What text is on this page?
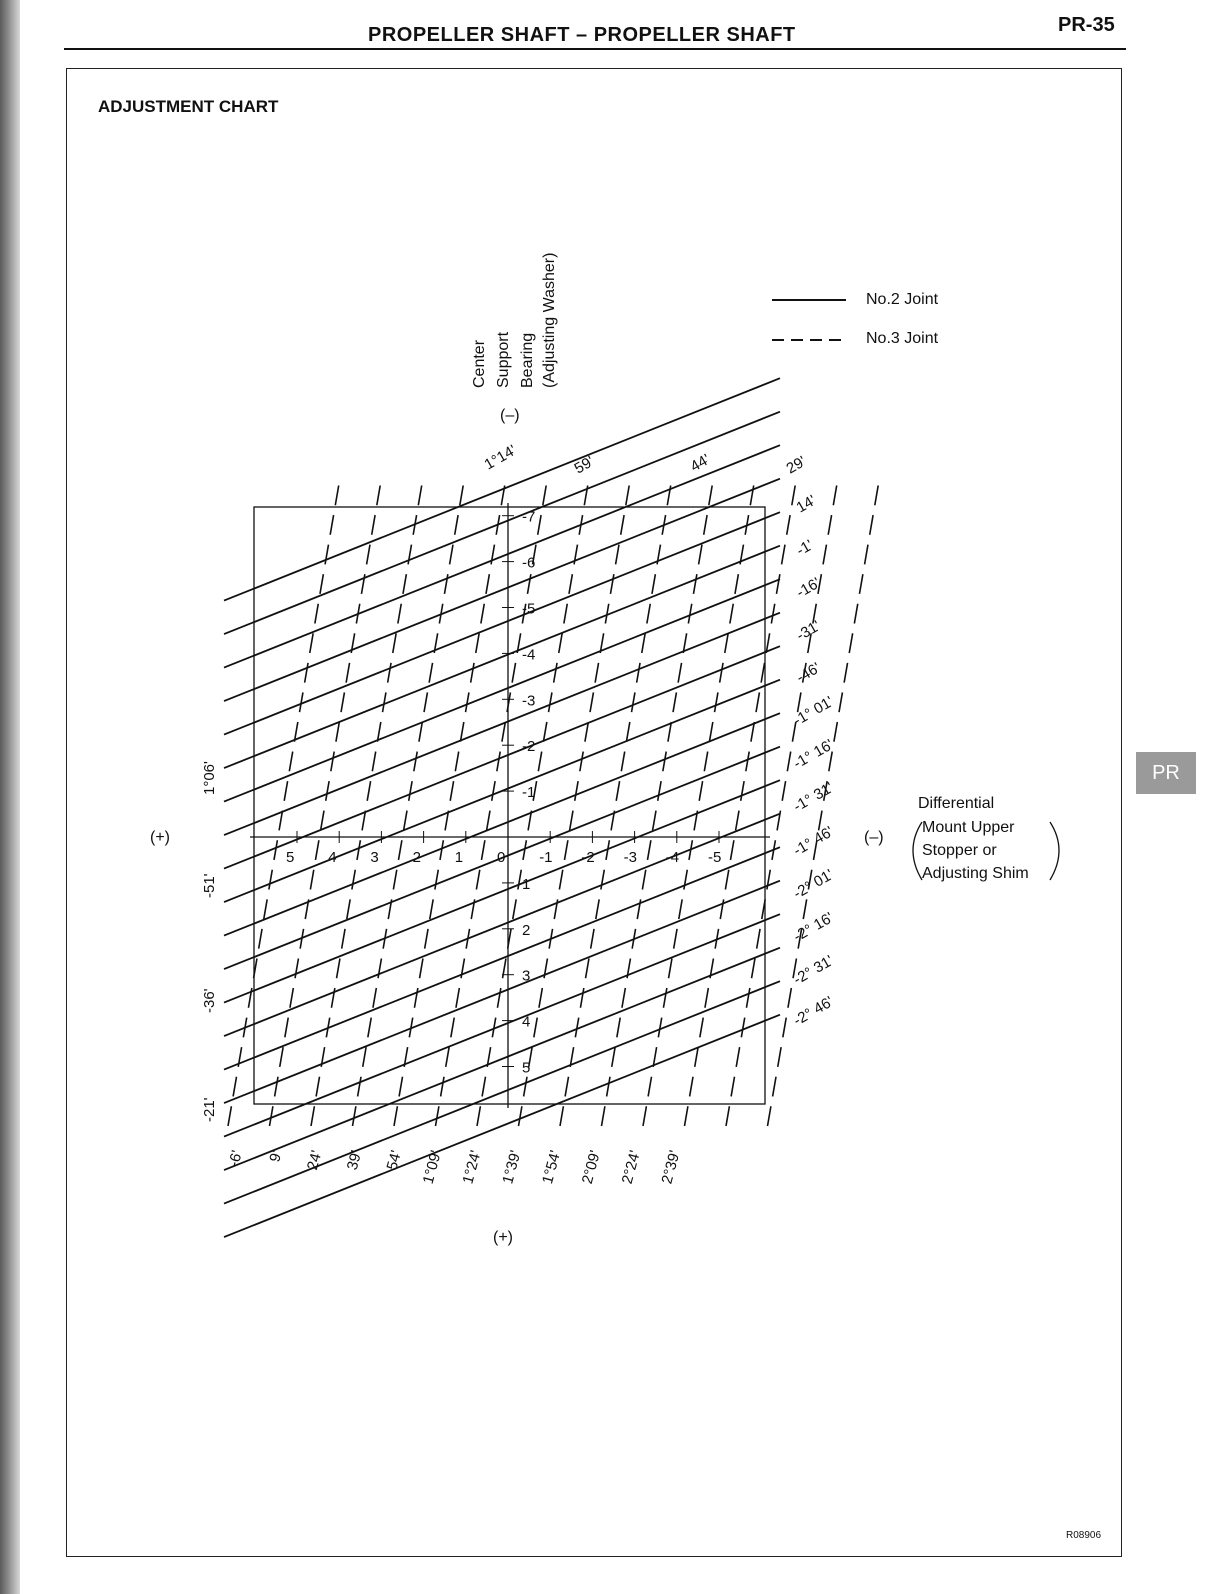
PROPELLER SHAFT – PROPELLER SHAFT	PR-35
ADJUSTMENT CHART
PR
R08906
5 4 3 2 1 0 -1 -2 -3 -4 -5
-7
-6
-5
-4
-3
-2
-1
1
2
3
4
5
1°14'	59'	44'	29'
14'
-1'
-16'
-31'
-46'
-1° 01'
-1° 16'
-1° 31'
-1° 46'
-2° 01'
-2° 16'
-2° 31'
-2° 46'
1°06'
-51'
-36'
-21'
-6' 9' 24' 39' 54' 1°09' 1°24' 1°39' 1°54' 2°09' 2°24' 2°39'
No.2 Joint
No.3 Joint
Center Support Bearing (Adjusting Washer)
(–)
(+)
(–)
(+)
Differential
Mount Upper
Stopper or
Adjusting Shim
